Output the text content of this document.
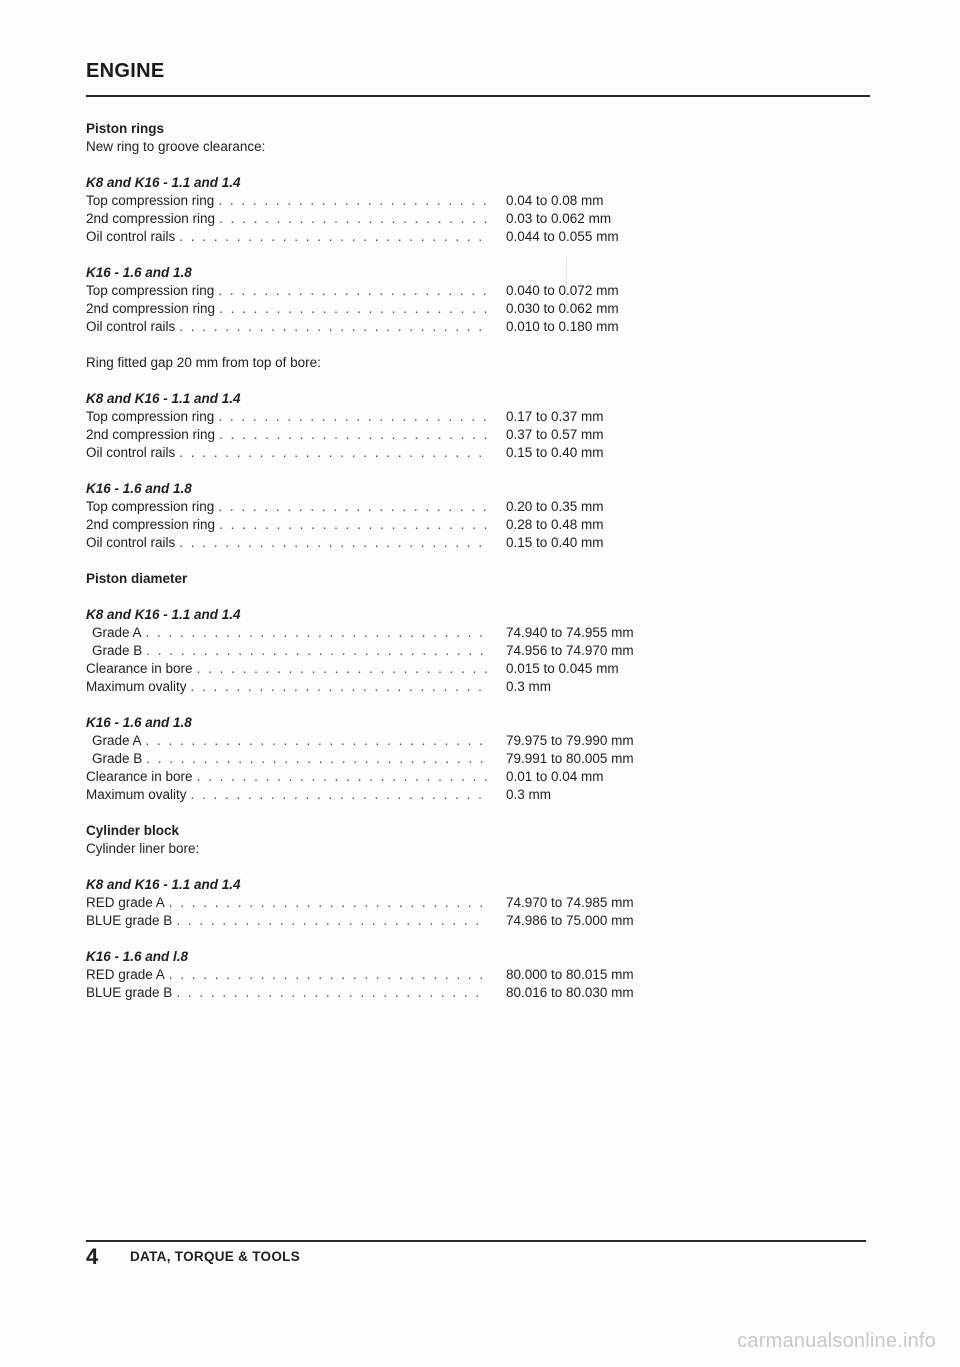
ENGINE
Piston rings
New ring to groove clearance:
K8 and K16 - 1.1 and 1.4
Top compression ring . . .	0.04 to 0.08 mm
2nd compression ring . . .	0.03 to 0.062 mm
Oil control rails . . .	0.044 to 0.055 mm
K16 - 1.6 and 1.8
Top compression ring . . .	0.040 to 0.072 mm
2nd compression ring . . .	0.030 to 0.062 mm
Oil control rails . . .	0.010 to 0.180 mm
Ring fitted gap 20 mm from top of bore:
K8 and K16 - 1.1 and 1.4
Top compression ring . . .	0.17 to 0.37 mm
2nd compression ring . . .	0.37 to 0.57 mm
Oil control rails . . .	0.15 to 0.40 mm
K16 - 1.6 and 1.8
Top compression ring . . .	0.20 to 0.35 mm
2nd compression ring . . .	0.28 to 0.48 mm
Oil control rails . . .	0.15 to 0.40 mm
Piston diameter
K8 and K16 - 1.1 and 1.4
Grade A . . .	74.940 to 74.955 mm
Grade B . . .	74.956 to 74.970 mm
Clearance in bore . . .	0.015 to 0.045 mm
Maximum ovality . . .	0.3 mm
K16 - 1.6 and 1.8
Grade A . . .	79.975 to 79.990 mm
Grade B . . .	79.991 to 80.005 mm
Clearance in bore . . .	0.01 to 0.04 mm
Maximum ovality . . .	0.3 mm
Cylinder block
Cylinder liner bore:
K8 and K16 - 1.1 and 1.4
RED grade A . . .	74.970 to 74.985 mm
BLUE grade B . . .	74.986 to 75.000 mm
K16 - 1.6 and l.8
RED grade A . . .	80.000 to 80.015 mm
BLUE grade B . . .	80.016 to 80.030 mm
4 DATA, TORQUE & TOOLS
carmanualsonline.info
